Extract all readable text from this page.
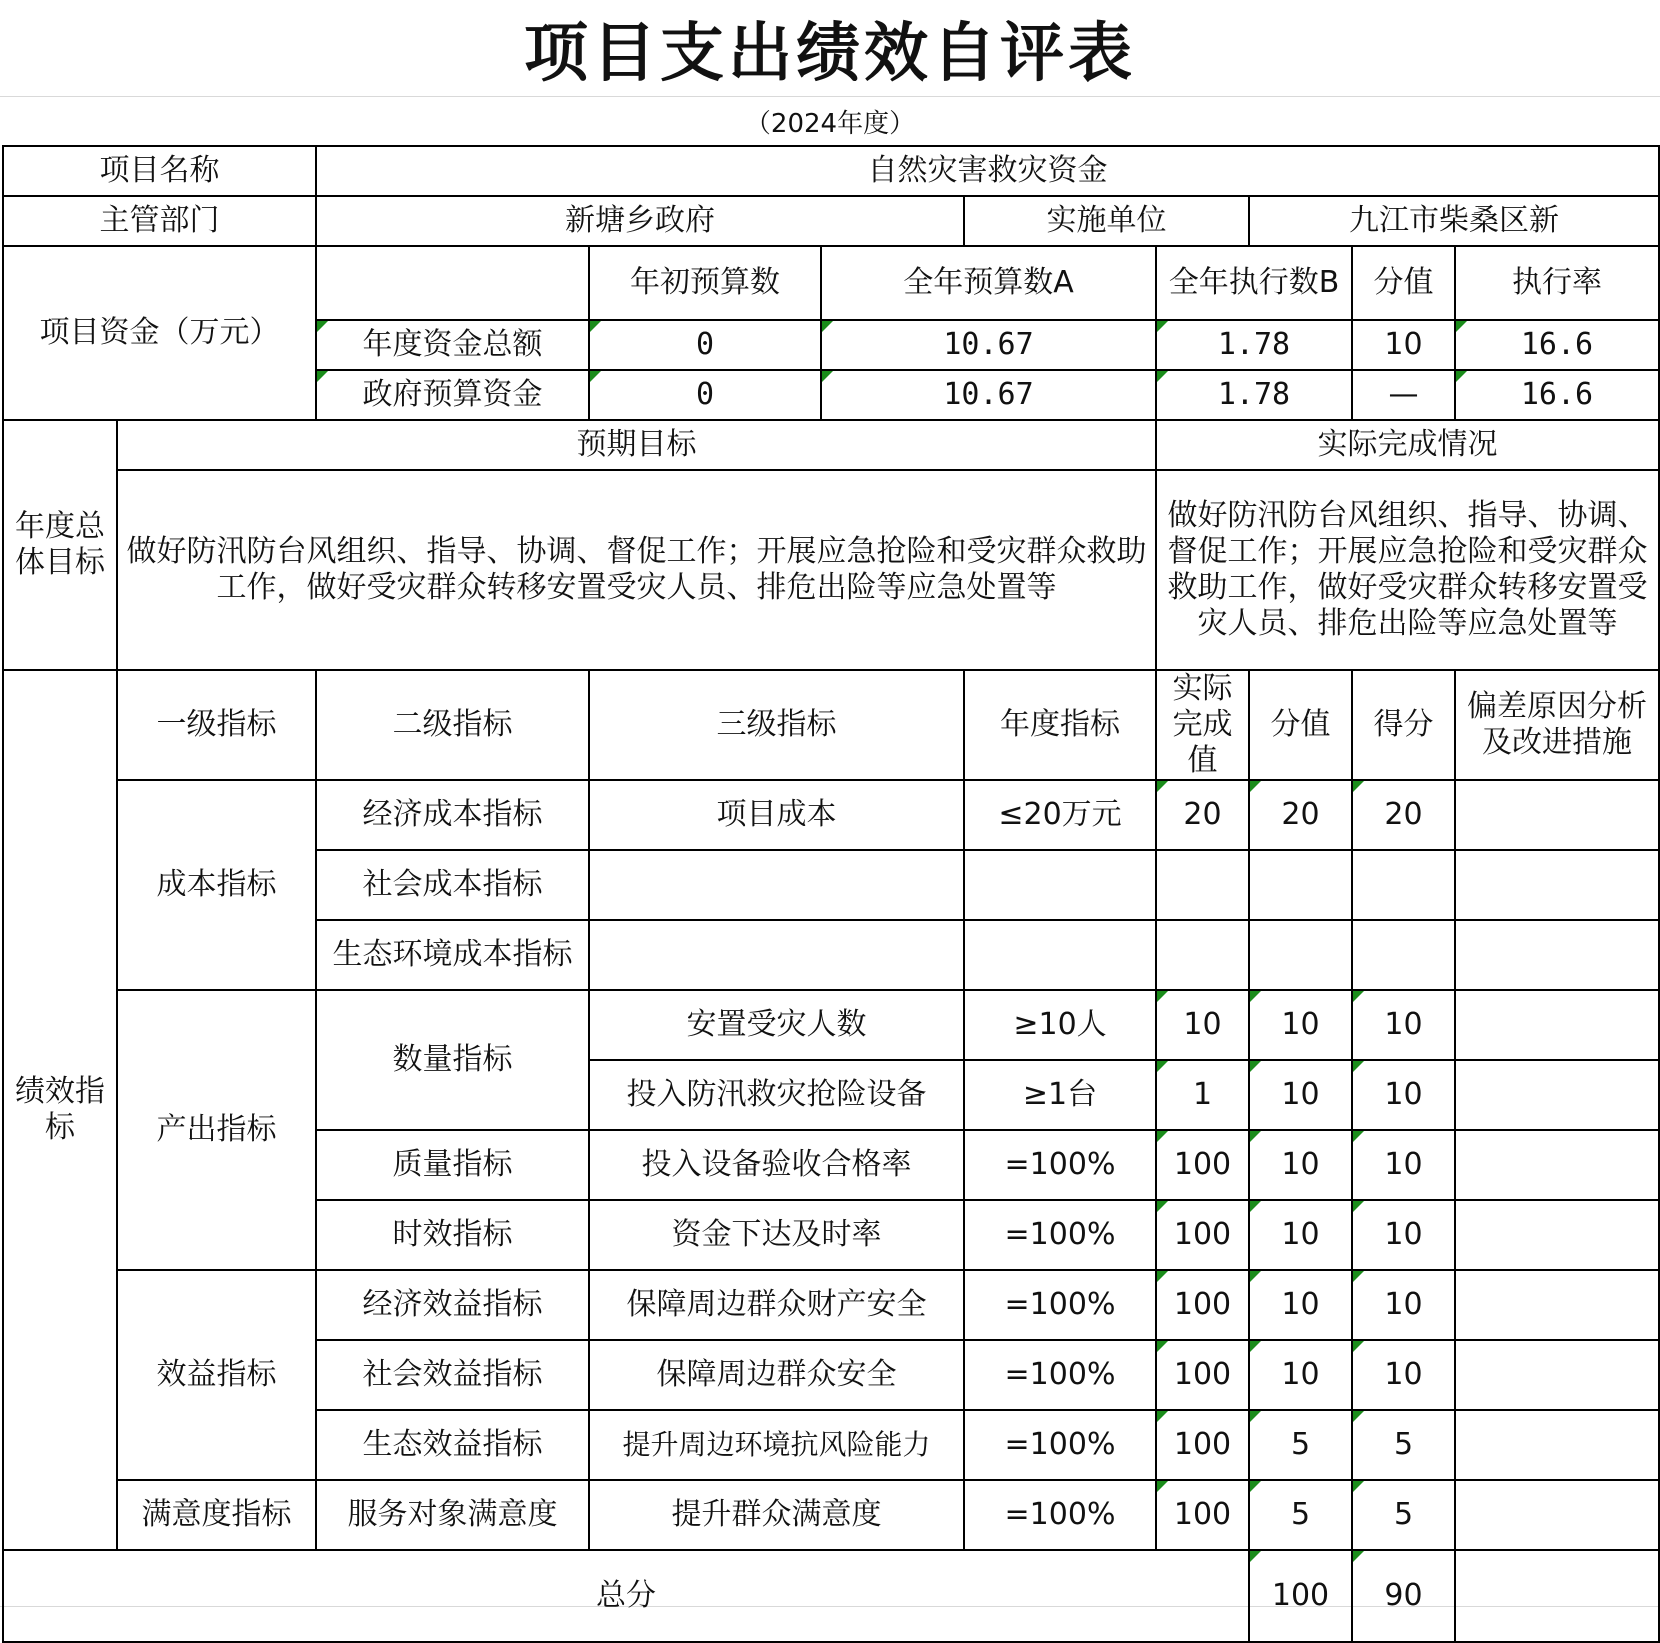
项目支出绩效自评表
（2024年度）
项目名称		自然灾害救灾资金								
主管部门		新塘乡政府			实施单位		九江市柴桑区新			
项目资金（万元）			年初预算数	全年预算数A		全年执行数B		分值	执行率	
		年度资金总额	0	10.67		1.78		10	16.6	
		政府预算资金	0	10.67		1.78		—	16.6	
年度总体目标	预期目标					实际完成情况				
	做好防汛防台风组织、指导、协调、督促工作；开展应急抢险和受灾群众救助工作，做好受灾群众转移安置受灾人员、排危出险等应急处置等					做好防汛防台风组织、指导、协调、督促工作；开展应急抢险和受灾群众救助工作，做好受灾群众转移安置受灾人员、排危出险等应急处置等				
绩效指标	一级指标	二级指标	三级指标		年度指标	实际完成值	分值	得分	偏差原因分析及改进措施	
	成本指标	经济成本指标	项目成本		≤20万元	20	20	20		
		社会成本指标								
		生态环境成本指标								
	产出指标	数量指标	安置受灾人数		≥10人	10	10	10		
			投入防汛救灾抢险设备		≥1台	1	10	10		
		质量指标	投入设备验收合格率		=100%	100	10	10		
		时效指标	资金下达及时率		=100%	100	10	10		
	效益指标	经济效益指标	保障周边群众财产安全		=100%	100	10	10		
		社会效益指标	保障周边群众安全		=100%	100	10	10		
		生态效益指标	提升周边环境抗风险能力		=100%	100	5	5		
	满意度指标	服务对象满意度	提升群众满意度		=100%	100	5	5		
总分							100	90		
